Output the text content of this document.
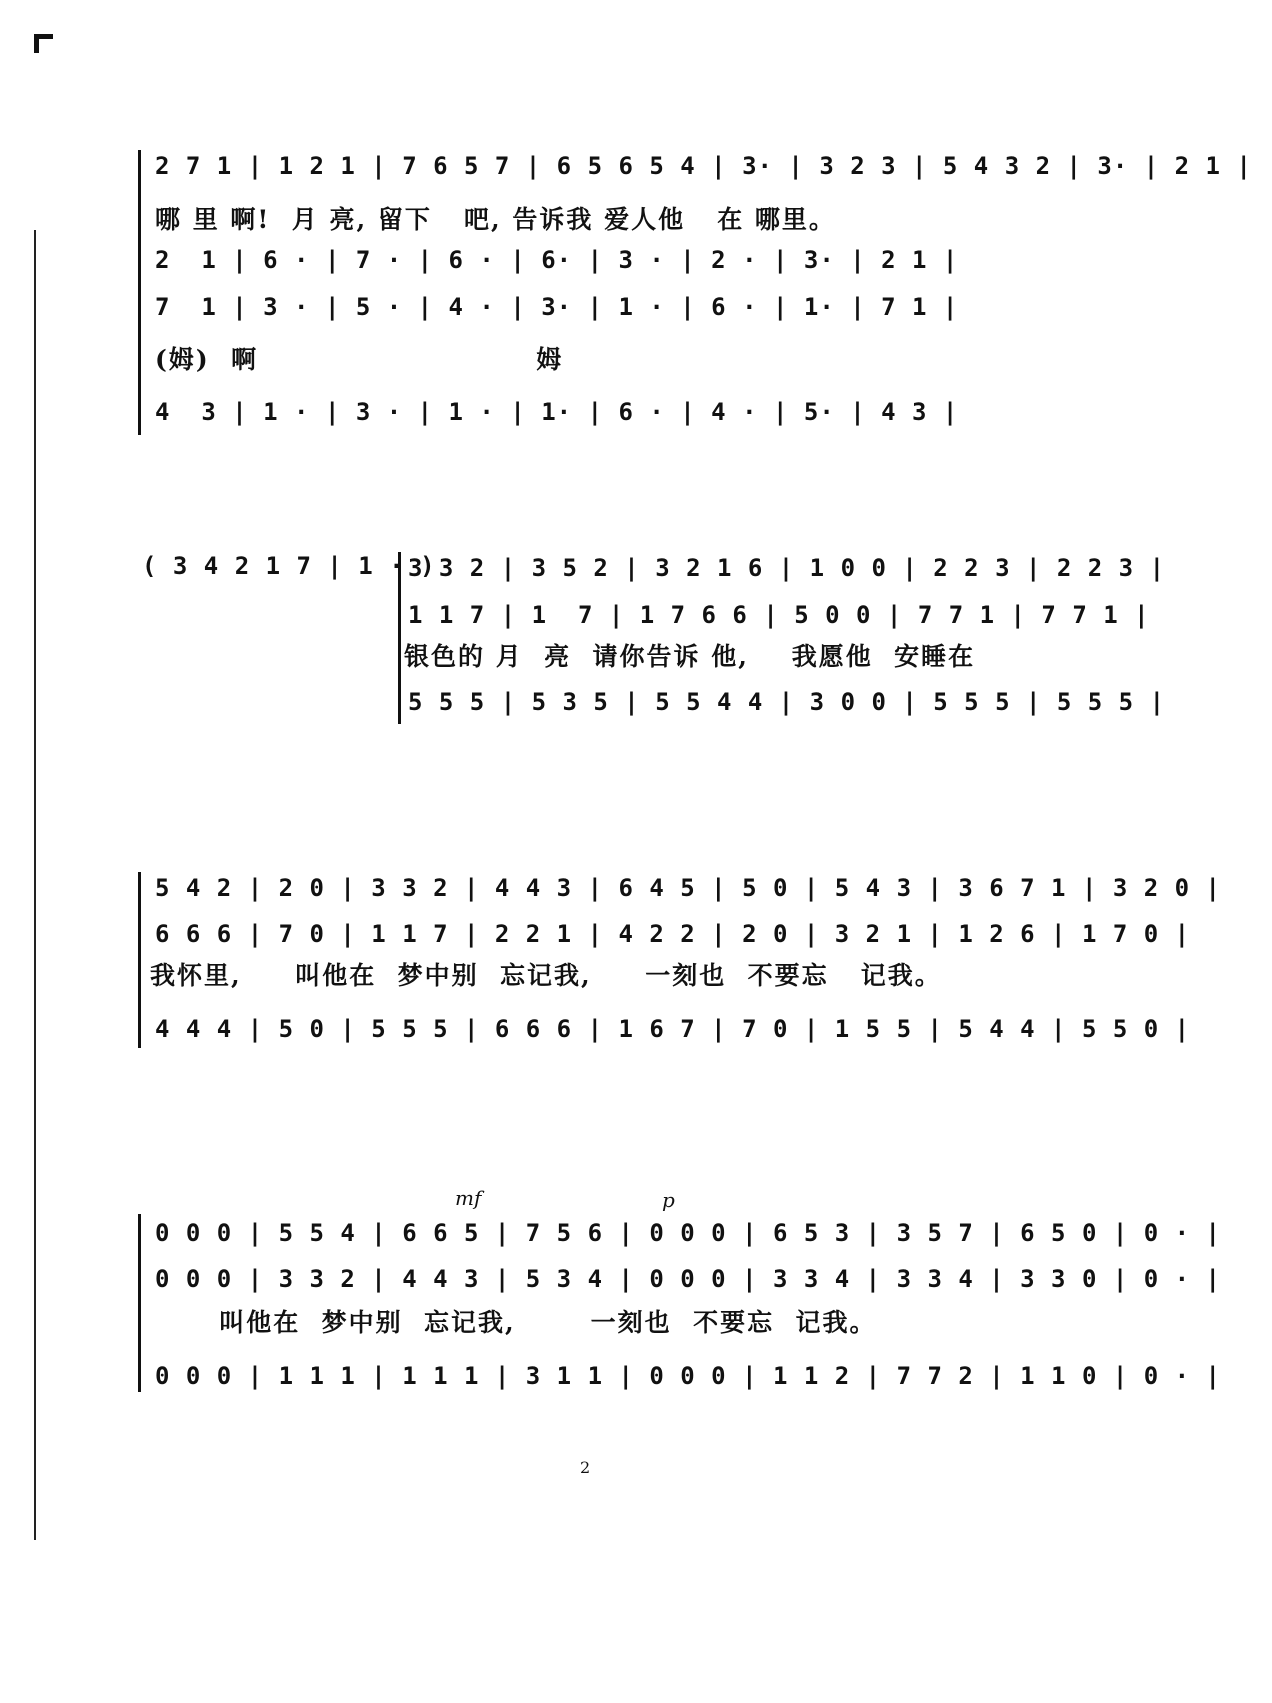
2 7 1 | 1 2 1 | 7 6 5 7 | 6 5 6 5 4 | 3· | 3 2 3 | 5 4 3 2 | 3· | 2 1 |
哪 里 啊!  月 亮, 留下   吧, 告诉我 爱人他   在 哪里。
2  1 | 6 · | 7 · | 6 · | 6· | 3 · | 2 · | 3· | 2 1 |
7  1 | 3 · | 5 · | 4 · | 3· | 1 · | 6 · | 1· | 7 1 |
(姆)  啊                          姆
4  3 | 1 · | 3 · | 1 · | 1· | 6 · | 4 · | 5· | 4 3 |
( 3 4 2 1 7 | 1 · )
3 3 2 | 3 5 2 | 3 2 1 6 | 1 0 0 | 2 2 3 | 2 2 3 |
1 1 7 | 1  7 | 1 7 6 6 | 5 0 0 | 7 7 1 | 7 7 1 |
银色的 月  亮  请你告诉 他,    我愿他  安睡在
5 5 5 | 5 3 5 | 5 5 4 4 | 3 0 0 | 5 5 5 | 5 5 5 |
5 4 2 | 2 0 | 3 3 2 | 4 4 3 | 6 4 5 | 5 0 | 5 4 3 | 3 6 7 1 | 3 2 0 |
6 6 6 | 7 0 | 1 1 7 | 2 2 1 | 4 2 2 | 2 0 | 3 2 1 | 1 2 6 | 1 7 0 |
我怀里,     叫他在  梦中别  忘记我,     一刻也  不要忘   记我。
4 4 4 | 5 0 | 5 5 5 | 6 6 6 | 1 6 7 | 7 0 | 1 5 5 | 5 4 4 | 5 5 0 |
mf	p
0 0 0 | 5 5 4 | 6 6 5 | 7 5 6 | 0 0 0 | 6 5 3 | 3 5 7 | 6 5 0 | 0 · |
0 0 0 | 3 3 2 | 4 4 3 | 5 3 4 | 0 0 0 | 3 3 4 | 3 3 4 | 3 3 0 | 0 · |
叫他在  梦中别  忘记我,       一刻也  不要忘  记我。
0 0 0 | 1 1 1 | 1 1 1 | 3 1 1 | 0 0 0 | 1 1 2 | 7 7 2 | 1 1 0 | 0 · |
2
